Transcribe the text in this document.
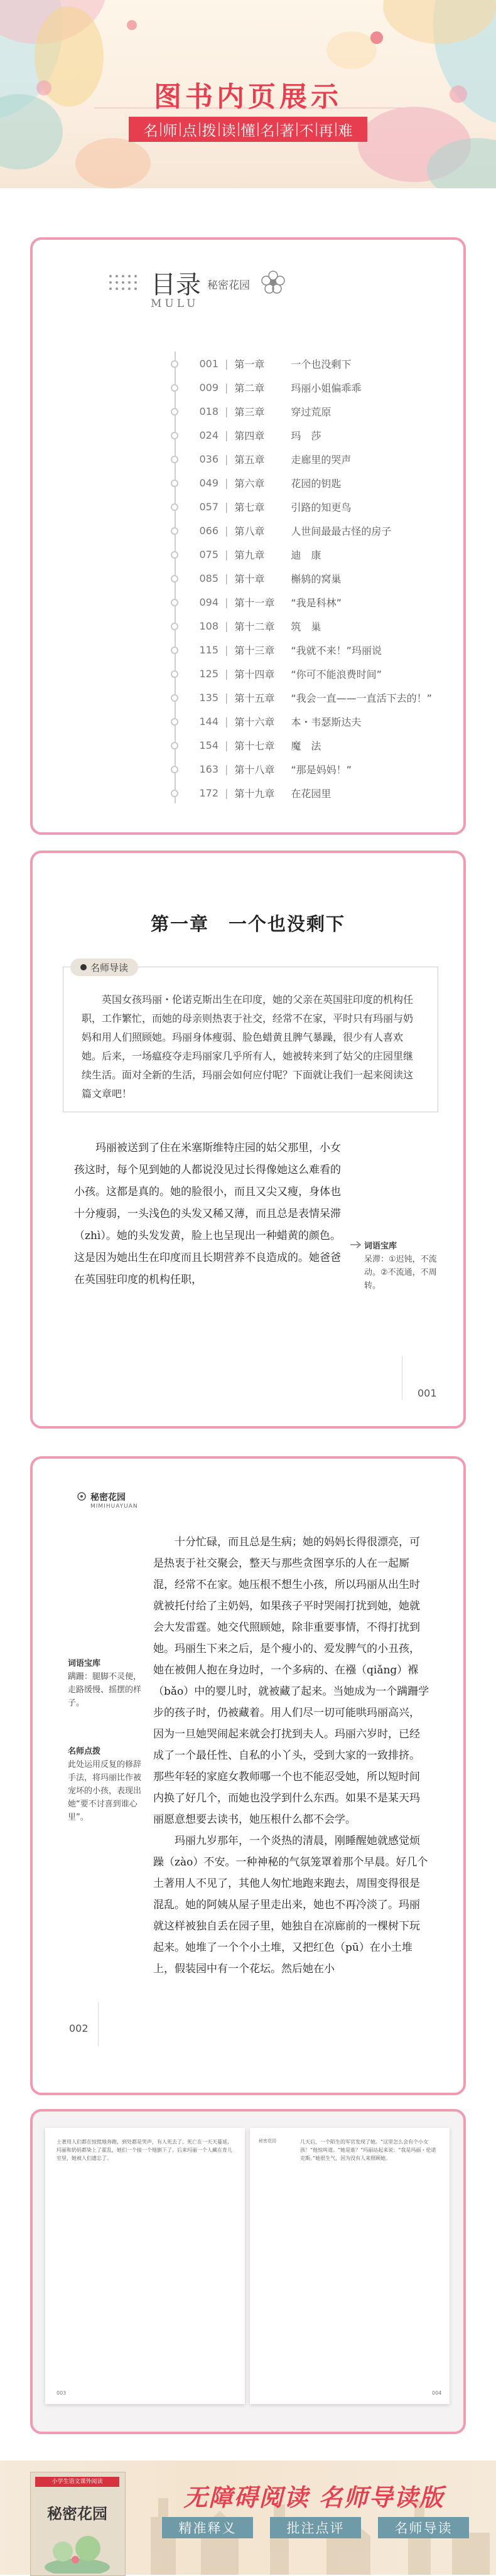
图书内页展示
名 师 点 拨 读 懂 名 著 不 再 难
目录
MULU
秘密花园
001 | 第一章	一个也没剩下
009 | 第二章	玛丽小姐偏乖乖
018 | 第三章	穿过荒原
024 | 第四章	玛　莎
036 | 第五章	走廊里的哭声
049 | 第六章	花园的钥匙
057 | 第七章	引路的知更鸟
066 | 第八章	人世间最最古怪的房子
075 | 第九章	迪　康
085 | 第十章	槲鸫的窝巢
094 | 第十一章	“我是科林”
108 | 第十二章	筑　巢
115 | 第十三章	“我就不来！”玛丽说
125 | 第十四章	“你可不能浪费时间”
135 | 第十五章	“我会一直——一直活下去的！”
144 | 第十六章	本・韦瑟斯达夫
154 | 第十七章	魔　法
163 | 第十八章	“那是妈妈！”
172 | 第十九章	在花园里
第一章　一个也没剩下
名师导读
英国女孩玛丽・伦诺克斯出生在印度，她的父亲在英国驻印度的机构任职，工作繁忙，而她的母亲则热衷于社交，经常不在家，平时只有玛丽与奶妈和用人们照顾她。玛丽身体瘦弱、脸色蜡黄且脾气暴躁，很少有人喜欢她。后来，一场瘟疫夺走玛丽家几乎所有人，她被转来到了姑父的庄园里继续生活。面对全新的生活，玛丽会如何应付呢？下面就让我们一起来阅读这篇文章吧！
玛丽被送到了住在米塞斯维特庄园的姑父那里，小女孩这时，每个见到她的人都说没见过长得像她这么难看的小孩。这都是真的。她的脸很小，而且又尖又瘦，身体也十分瘦弱，一头浅色的头发又稀又薄，而且总是表情呆滞（zhì）。她的头发发黄，脸上也呈现出一种蜡黄的颜色。这是因为她出生在印度而且长期营养不良造成的。她爸爸在英国驻印度的机构任职，
词语宝库
呆滞：①迟钝，不流动。②不流通，不周转。
001
秘密花园
MIMIHUAYUAN
十分忙碌，而且总是生病；她的妈妈长得很漂亮，可是热衷于社交聚会，整天与那些贪图享乐的人在一起厮混，经常不在家。她压根不想生小孩，所以玛丽从出生时就被托付给了主奶妈，如果孩子平时哭闹打扰到她，她就会大发雷霆。她交代照顾她，除非重要事情，不得打扰到她。玛丽生下来之后，是个瘦小的、爱发脾气的小丑孩，她在被佣人抱在身边时，一个多病的、在襁（qiǎng）褓（bǎo）中的婴儿时，就被藏了起来。当她成为一个蹒跚学步的孩子时，仍被藏着。用人们尽一切可能哄玛丽高兴，因为一旦她哭闹起来就会打扰到夫人。玛丽六岁时，已经成了一个最任性、自私的小丫头，受到大家的一致排挤。那些年轻的家庭女教师哪一个也不能忍受她，所以短时间内换了好几个，而她也没学到什么东西。如果不是某天玛丽愿意想要去读书，她压根什么都不会学。
玛丽九岁那年，一个炎热的清晨，刚睡醒她就感觉烦躁（zào）不安。一种神秘的气氛笼罩着那个早晨。好几个土著用人不见了，其他人匆忙地跑来跑去，周围变得很是混乱。她的阿姨从屋子里走出来，她也不再冷淡了。玛丽就这样被独自丢在园子里，她独自在凉廊前的一棵树下玩起来。她堆了一个个小土堆，又把红色（pū）在小土堆上，假装园中有一个花坛。然后她在小
词语宝库
蹒跚：腿脚不灵便，走路缓慢、摇摆的样子。
名师点拨
此处运用反复的修辞手法，将玛丽比作被宠坏的小孩，表现出她“要不讨喜到谁心里”。
002
土著用人们都在惊慌地奔跑，到处都是哭声，有人死去了。死亡在一天天蔓延，玛丽和奶妈都染上了霍乱，她们一个接一个地倒下了。后来玛丽一个人藏在育儿室里，她被人们遗忘了。
003
几天后，一个陌生的军官发现了她。“这里怎么会有个小女孩！”他惊叫道。“她是谁？”玛丽站起来说：“我是玛丽・伦诺克斯。”她很生气，因为没有人来照顾她。
秘密花园
004
小学生语文课外阅读
秘密花园
无障碍阅读 名师导读版
精准释义	批注点评	名师导读
